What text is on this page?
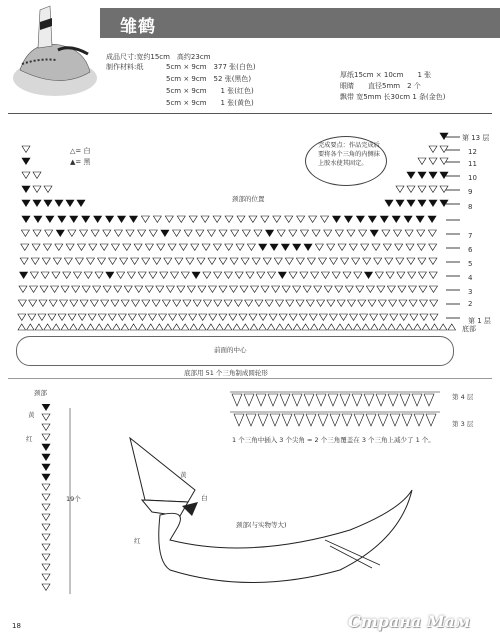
雏鹤
成品尺寸:宽约15cm　高约23cm
制作材料:纸	5cm × 9cm　377 张(白色)
5cm × 9cm　52 张(黑色)
5cm × 9cm　　1 张(红色)
5cm × 9cm　　1 张(黄色)
厚纸15cm × 10cm　　1 张
眼睛　　直径5mm　2 个
飘带 宽5mm 长30cm 1 条(金色)
△= 白
▲= 黑
完成要点：作品完成后要将各个三角的内侧抹上胶水使其固定。
颈部的位置
前面的中心
底部用 51 个三角制成圆轮形
颈部
黄
红
19个
第 4 层
第 3 层
1 个三角中插入 3 个尖角 = 2 个三角覆盖在 3 个三角上减少了 1 个。
黄
白
红
颈部(与实物等大)
18	Страна Мам
第 13 层
12
11
10
9
8
7
6
5
4
3
2
第 1 层
底部
